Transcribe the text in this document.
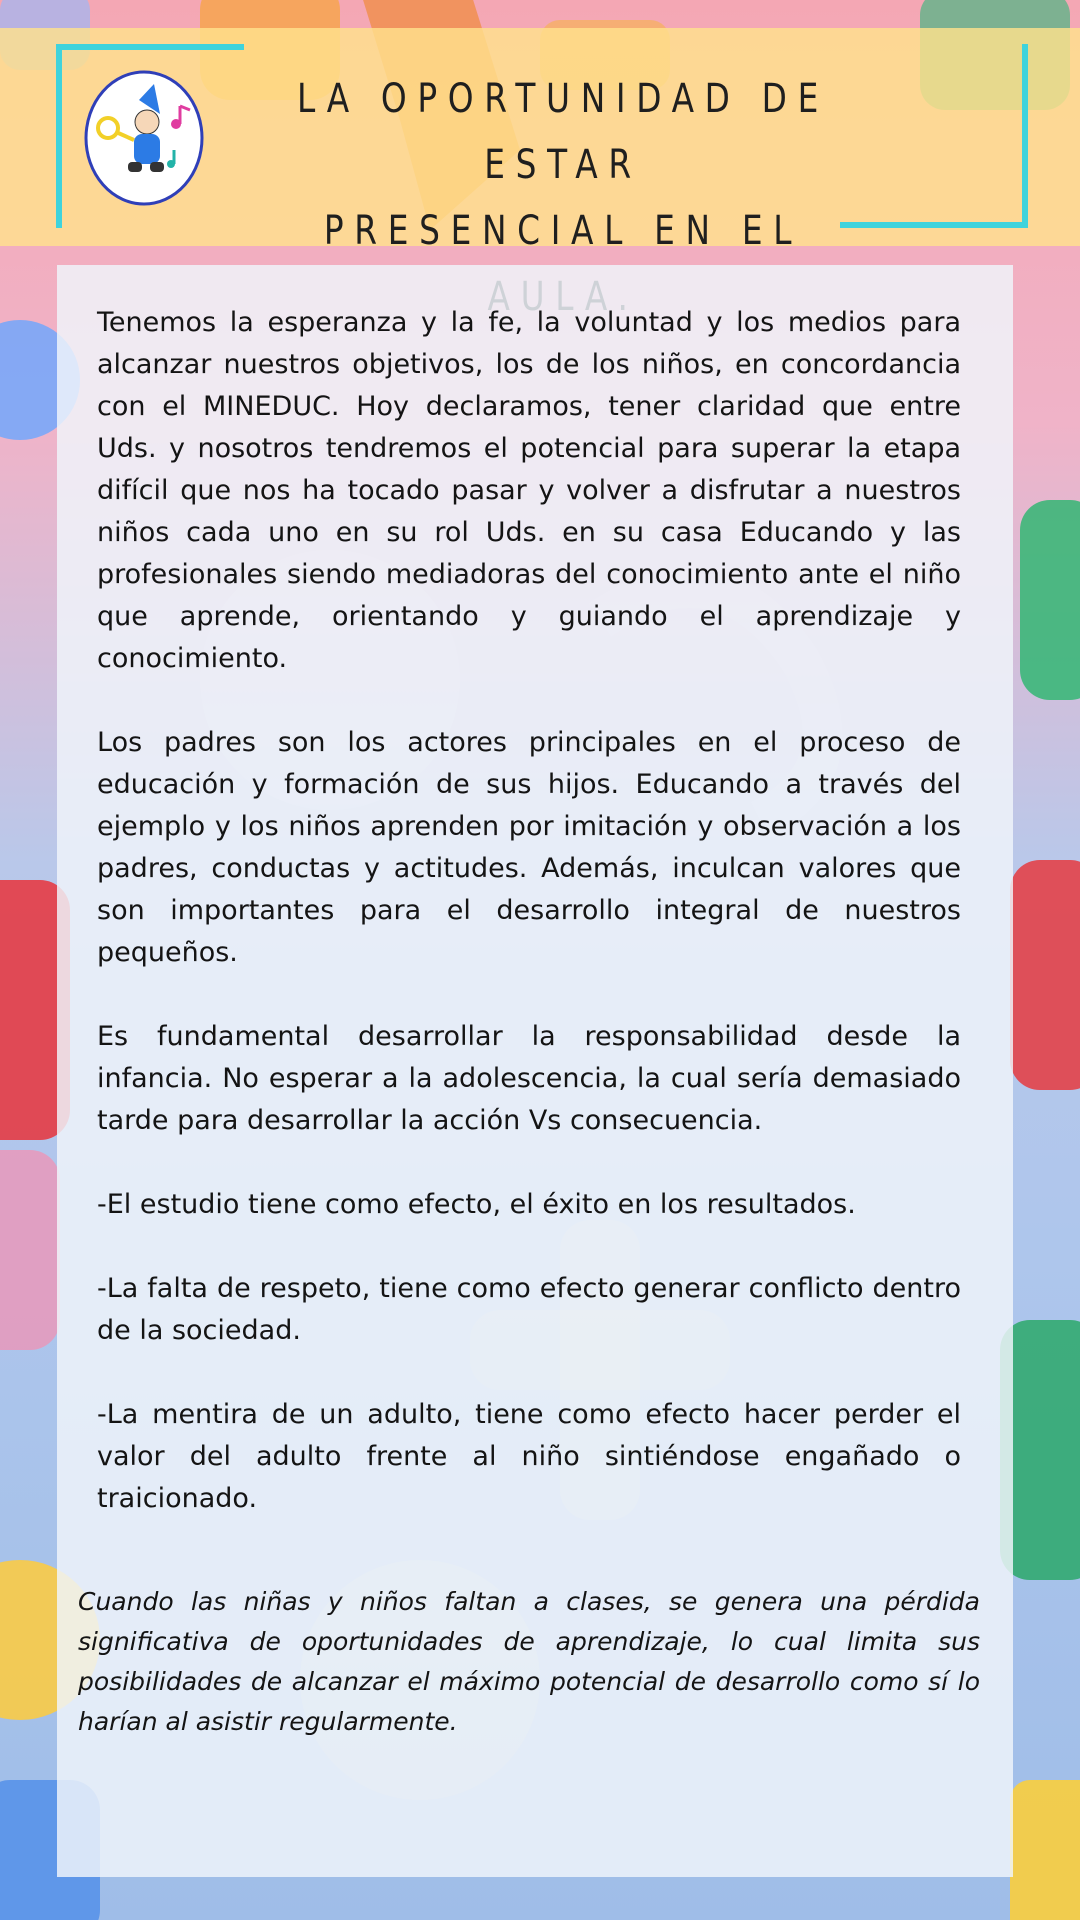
LA OPORTUNIDAD DE ESTAR
PRESENCIAL EN EL

Tenemos la esperanza y la fe, la voluntad y los medios para alcanzar nuestros objetivos, los de los niños, en concordancia con el MINEDUC. Hoy declaramos, tener claridad que entre Uds. y nosotros tendremos el potencial para superar la etapa difícil que nos ha tocado pasar y volver a disfrutar a nuestros niños cada uno en su rol Uds. en su casa Educando y las profesionales siendo mediadoras del conocimiento ante el niño que aprende, orientando y guiando el aprendizaje y conocimiento.

Los padres son los actores principales en el proceso de educación y formación de sus hijos. Educando a través del ejemplo y los niños aprenden por imitación y observación a los padres, conductas y actitudes. Además, inculcan valores que son importantes para el desarrollo integral de nuestros pequeños.

Es fundamental desarrollar la responsabilidad desde la infancia. No esperar a la adolescencia, la cual sería demasiado tarde para desarrollar la acción Vs consecuencia.

-El estudio tiene como efecto, el éxito en los resultados.

-La falta de respeto, tiene como efecto generar conflicto dentro de la sociedad.

-La mentira de un adulto, tiene como efecto hacer perder el valor del adulto frente al niño sintiéndose engañado o traicionado.

Cuando las niñas y niños faltan a clases, se genera una pérdida significativa de oportunidades de aprendizaje, lo cual limita sus posibilidades de alcanzar el máximo potencial de desarrollo como sí lo harían al asistir regularmente.
